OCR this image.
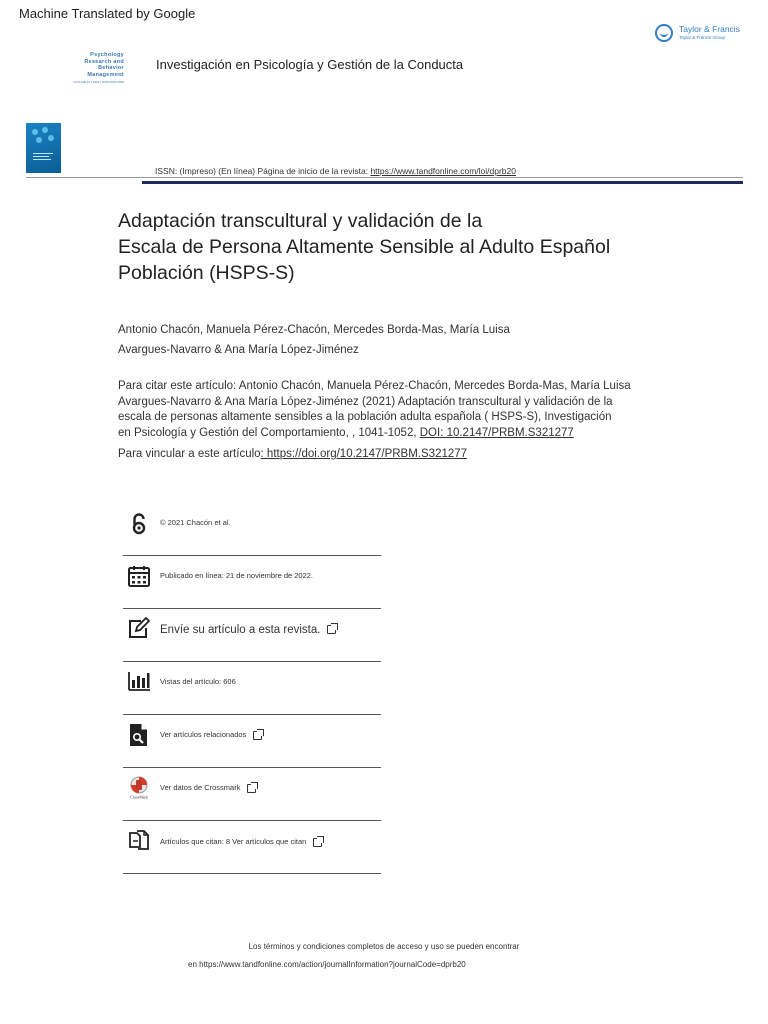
Machine Translated by Google
Taylor & Francis
Taylor & Francis Group
Psychology
Research and
Behavior
Management
VOLUME 15 | 2022 | ISSN 0000-0000
Investigación en Psicología y Gestión de la Conducta
ISSN: (Impreso) (En línea) Página de inicio de la revista: https://www.tandfonline.com/loi/dprb20
Adaptación transcultural y validación de la
Escala de Persona Altamente Sensible al Adulto Español
Población (HSPS-S)
Antonio Chacón, Manuela Pérez-Chacón, Mercedes Borda-Mas, María Luisa
Avargues-Navarro & Ana María López-Jiménez
Para citar este artículo: Antonio Chacón, Manuela Pérez-Chacón, Mercedes Borda-Mas, María Luisa
Avargues-Navarro & Ana María López-Jiménez (2021) Adaptación transcultural y validación de la
escala de personas altamente sensibles a la población adulta española ( HSPS-S), Investigación
en Psicología y Gestión del Comportamiento, , 1041-1052, DOI: 10.2147/PRBM.S321277
Para vincular a este artículo: https://doi.org/10.2147/PRBM.S321277
© 2021 Chacón et al.
Publicado en línea: 21 de noviembre de 2022.
Envíe su artículo a esta revista.
Vistas del artículo: 606
Ver artículos relacionados
CrossMark
Ver datos de Crossmark
Artículos que citan: 8 Ver artículos que citan
Los términos y condiciones completos de acceso y uso se pueden encontrar
en https://www.tandfonline.com/action/journalInformation?journalCode=dprb20
